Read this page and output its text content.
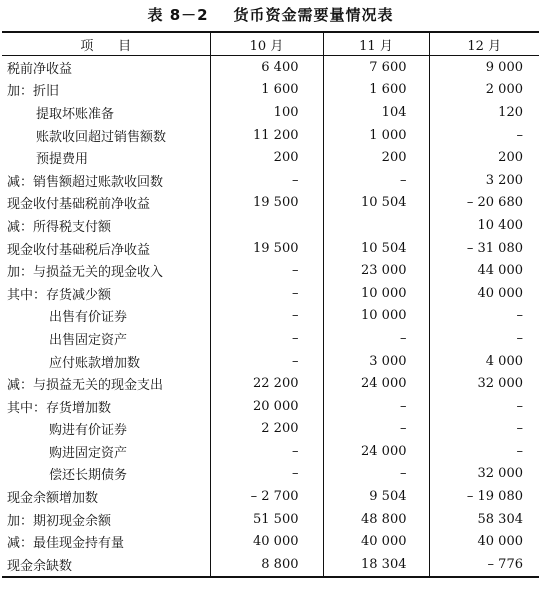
表 8－2    货币资金需要量情况表
项      目	10 月	11 月	12 月
税前净收益	6 400	7 600	9 000
加：折旧	1 600	1 600	2 000
提取坏账准备	100	104	120
账款收回超过销售额数	11 200	1 000	–
预提费用	200	200	200
减：销售额超过账款收回数	–	–	3 200
现金收付基础税前净收益	19 500	10 504	– 20 680
减：所得税支付额			10 400
现金收付基础税后净收益	19 500	10 504	– 31 080
加：与损益无关的现金收入	–	23 000	44 000
其中：存货减少额	–	10 000	40 000
出售有价证券	–	10 000	–
出售固定资产	–	–	–
应付账款增加数	–	3 000	4 000
减：与损益无关的现金支出	22 200	24 000	32 000
其中：存货增加数	20 000	–	–
购进有价证券	2 200	–	–
购进固定资产	–	24 000	–
偿还长期债务	–	–	32 000
现金余额增加数	– 2 700	9 504	– 19 080
加：期初现金余额	51 500	48 800	58 304
减：最佳现金持有量	40 000	40 000	40 000
现金余缺数	8 800	18 304	– 776
